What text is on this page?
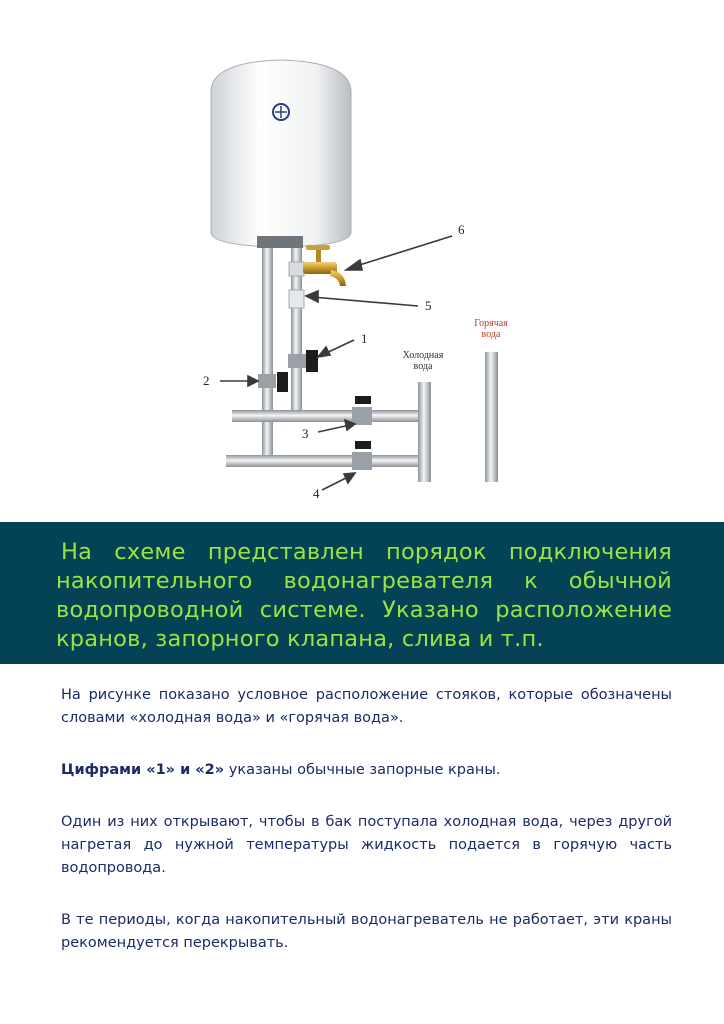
6
5
1
2
3
4
Холодная
вода
Горячая
вода
На схеме представлен порядок подключения накопительного водонагревателя к обычной водопроводной системе. Указано расположение кранов, запорного клапана, слива и т.п.

На рисунке показано условное расположение стояков, которые обозначены словами «холодная вода» и «горячая вода».

Цифрами «1» и «2» указаны обычные запорные краны.

Один из них открывают, чтобы в бак поступала холодная вода, через другой нагретая до нужной температуры жидкость подается в горячую часть водопровода.

В те периоды, когда накопительный водонагреватель не работает, эти краны рекомендуется перекрывать.
